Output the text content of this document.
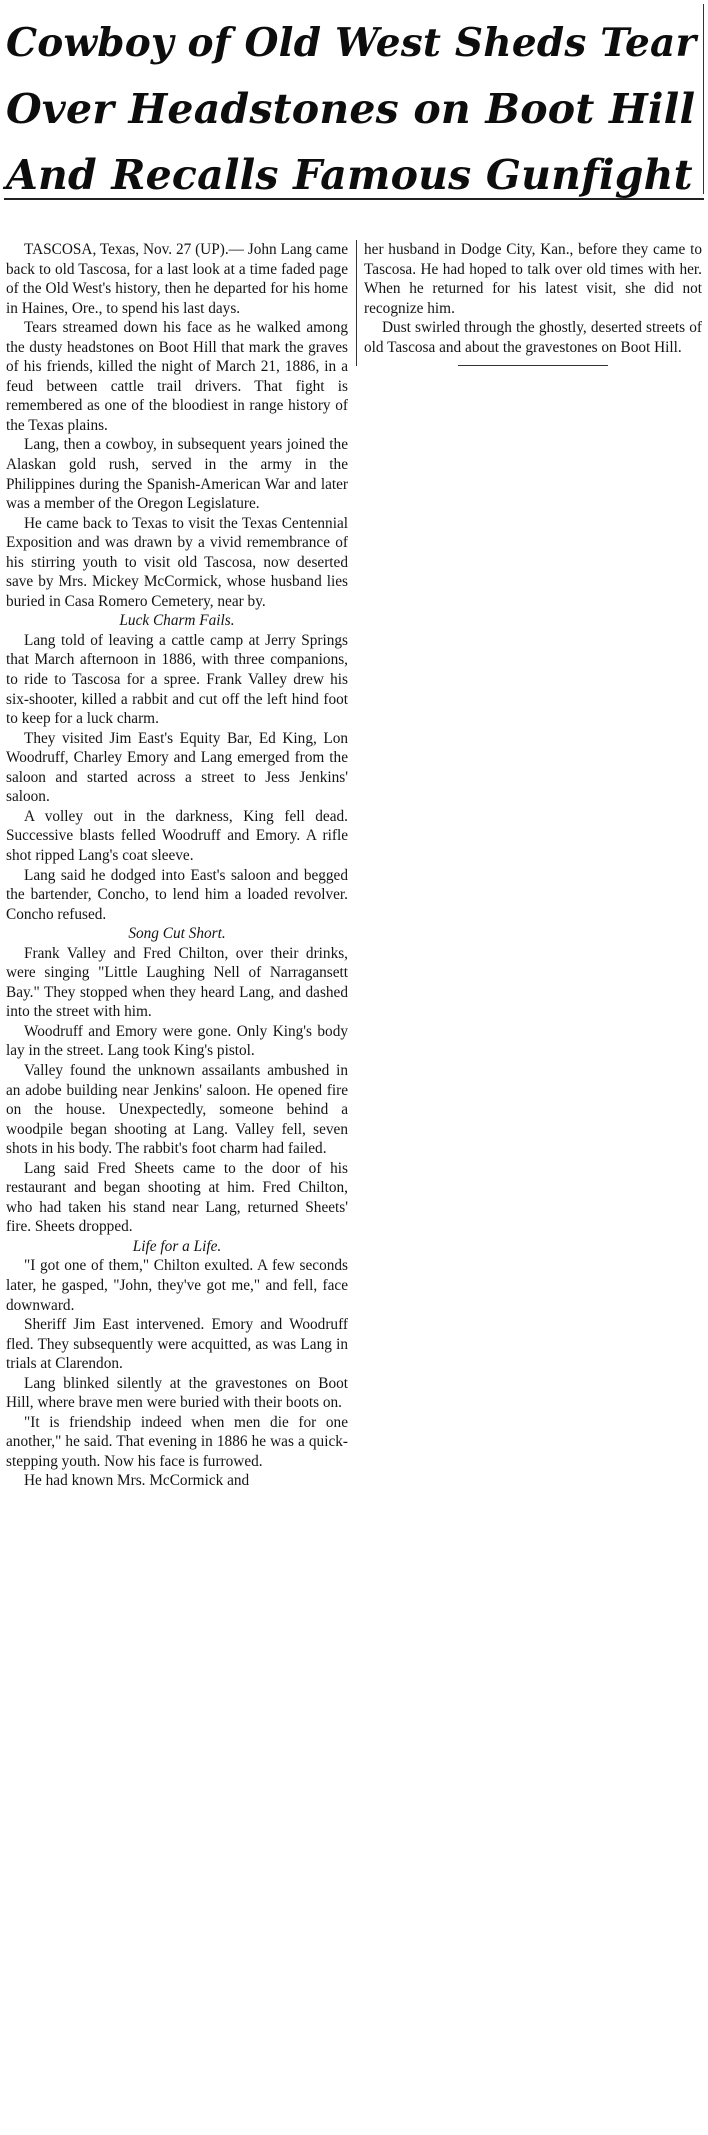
Cowboy of Old West Sheds Tear
Over Headstones on Boot Hill
And Recalls Famous Gunfight

TASCOSA, Texas, Nov. 27 (UP).— John Lang came back to old Tascosa, for a last look at a time faded page of the Old West's history, then he departed for his home in Haines, Ore., to spend his last days.

Tears streamed down his face as he walked among the dusty headstones on Boot Hill that mark the graves of his friends, killed the night of March 21, 1886, in a feud between cattle trail drivers. That fight is remembered as one of the bloodiest in range history of the Texas plains.

Lang, then a cowboy, in subsequent years joined the Alaskan gold rush, served in the army in the Philippines during the Spanish-American War and later was a member of the Oregon Legislature.

He came back to Texas to visit the Texas Centennial Exposition and was drawn by a vivid remembrance of his stirring youth to visit old Tascosa, now deserted save by Mrs. Mickey McCormick, whose husband lies buried in Casa Romero Cemetery, near by.

Luck Charm Fails.

Lang told of leaving a cattle camp at Jerry Springs that March afternoon in 1886, with three companions, to ride to Tascosa for a spree. Frank Valley drew his six-shooter, killed a rabbit and cut off the left hind foot to keep for a luck charm.

They visited Jim East's Equity Bar, Ed King, Lon Woodruff, Charley Emory and Lang emerged from the saloon and started across a street to Jess Jenkins' saloon.

A volley out in the darkness, King fell dead. Successive blasts felled Woodruff and Emory. A rifle shot ripped Lang's coat sleeve.

Lang said he dodged into East's saloon and begged the bartender, Concho, to lend him a loaded revolver. Concho refused.

Song Cut Short.

Frank Valley and Fred Chilton, over their drinks, were singing "Little Laughing Nell of Narragansett Bay." They stopped when they heard Lang, and dashed into the street with him.

Woodruff and Emory were gone. Only King's body lay in the street. Lang took King's pistol.

Valley found the unknown assailants ambushed in an adobe building near Jenkins' saloon. He opened fire on the house. Unexpectedly, someone behind a woodpile began shooting at Lang. Valley fell, seven shots in his body. The rabbit's foot charm had failed.

Lang said Fred Sheets came to the door of his restaurant and began shooting at him. Fred Chilton, who had taken his stand near Lang, returned Sheets' fire. Sheets dropped.

Life for a Life.

"I got one of them," Chilton exulted. A few seconds later, he gasped, "John, they've got me," and fell, face downward.

Sheriff Jim East intervened. Emory and Woodruff fled. They subsequently were acquitted, as was Lang in trials at Clarendon.

Lang blinked silently at the gravestones on Boot Hill, where brave men were buried with their boots on.

"It is friendship indeed when men die for one another," he said. That evening in 1886 he was a quick-stepping youth. Now his face is furrowed.

He had known Mrs. McCormick and

her husband in Dodge City, Kan., before they came to Tascosa. He had hoped to talk over old times with her. When he returned for his latest visit, she did not recognize him.

Dust swirled through the ghostly, deserted streets of old Tascosa and about the gravestones on Boot Hill.
